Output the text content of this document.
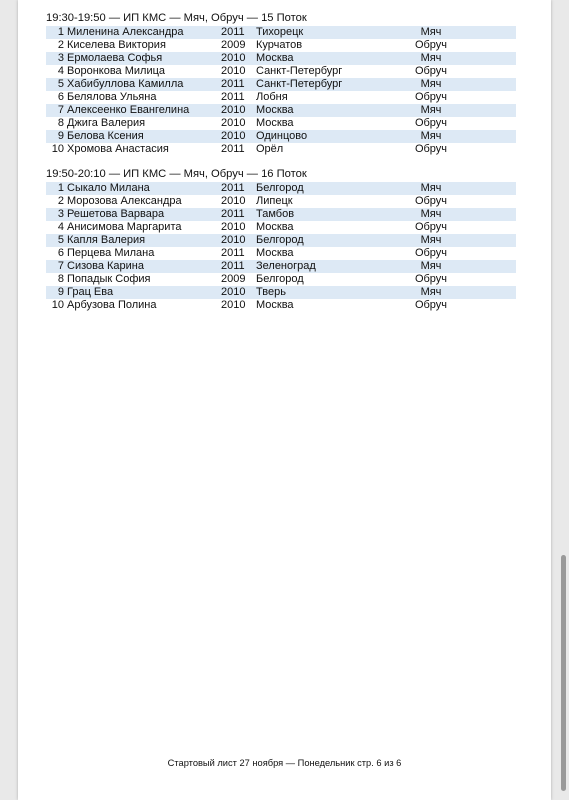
19:30-19:50 — ИП КМС — Мяч, Обруч — 15 Поток
1 Миленина Александра	2011 Тихорецк	Мяч
2 Киселева Виктория	2009 Курчатов	Обруч
3 Ермолаева Софья	2010 Москва	Мяч
4 Воронкова Милица	2010 Санкт-Петербург	Обруч
5 Хабибуллова Камилла	2011 Санкт-Петербург	Мяч
6 Белялова Ульяна	2011 Лобня	Обруч
7 Алексеенко Евангелина	2010 Москва	Мяч
8 Джига Валерия	2010 Москва	Обруч
9 Белова Ксения	2010 Одинцово	Мяч
10 Хромова Анастасия	2011 Орёл	Обруч
19:50-20:10 — ИП КМС — Мяч, Обруч — 16 Поток
1 Сыкало Милана	2011 Белгород	Мяч
2 Морозова Александра	2010 Липецк	Обруч
3 Решетова Варвара	2011 Тамбов	Мяч
4 Анисимова Маргарита	2010 Москва	Обруч
5 Капля Валерия	2010 Белгород	Мяч
6 Перцева Милана	2011 Москва	Обруч
7 Сизова Карина	2011 Зеленоград	Мяч
8 Попадык София	2009 Белгород	Обруч
9 Грац Ева	2010 Тверь	Мяч
10 Арбузова Полина	2010 Москва	Обруч
Стартовый лист 27 ноября — Понедельник стр. 6 из 6
